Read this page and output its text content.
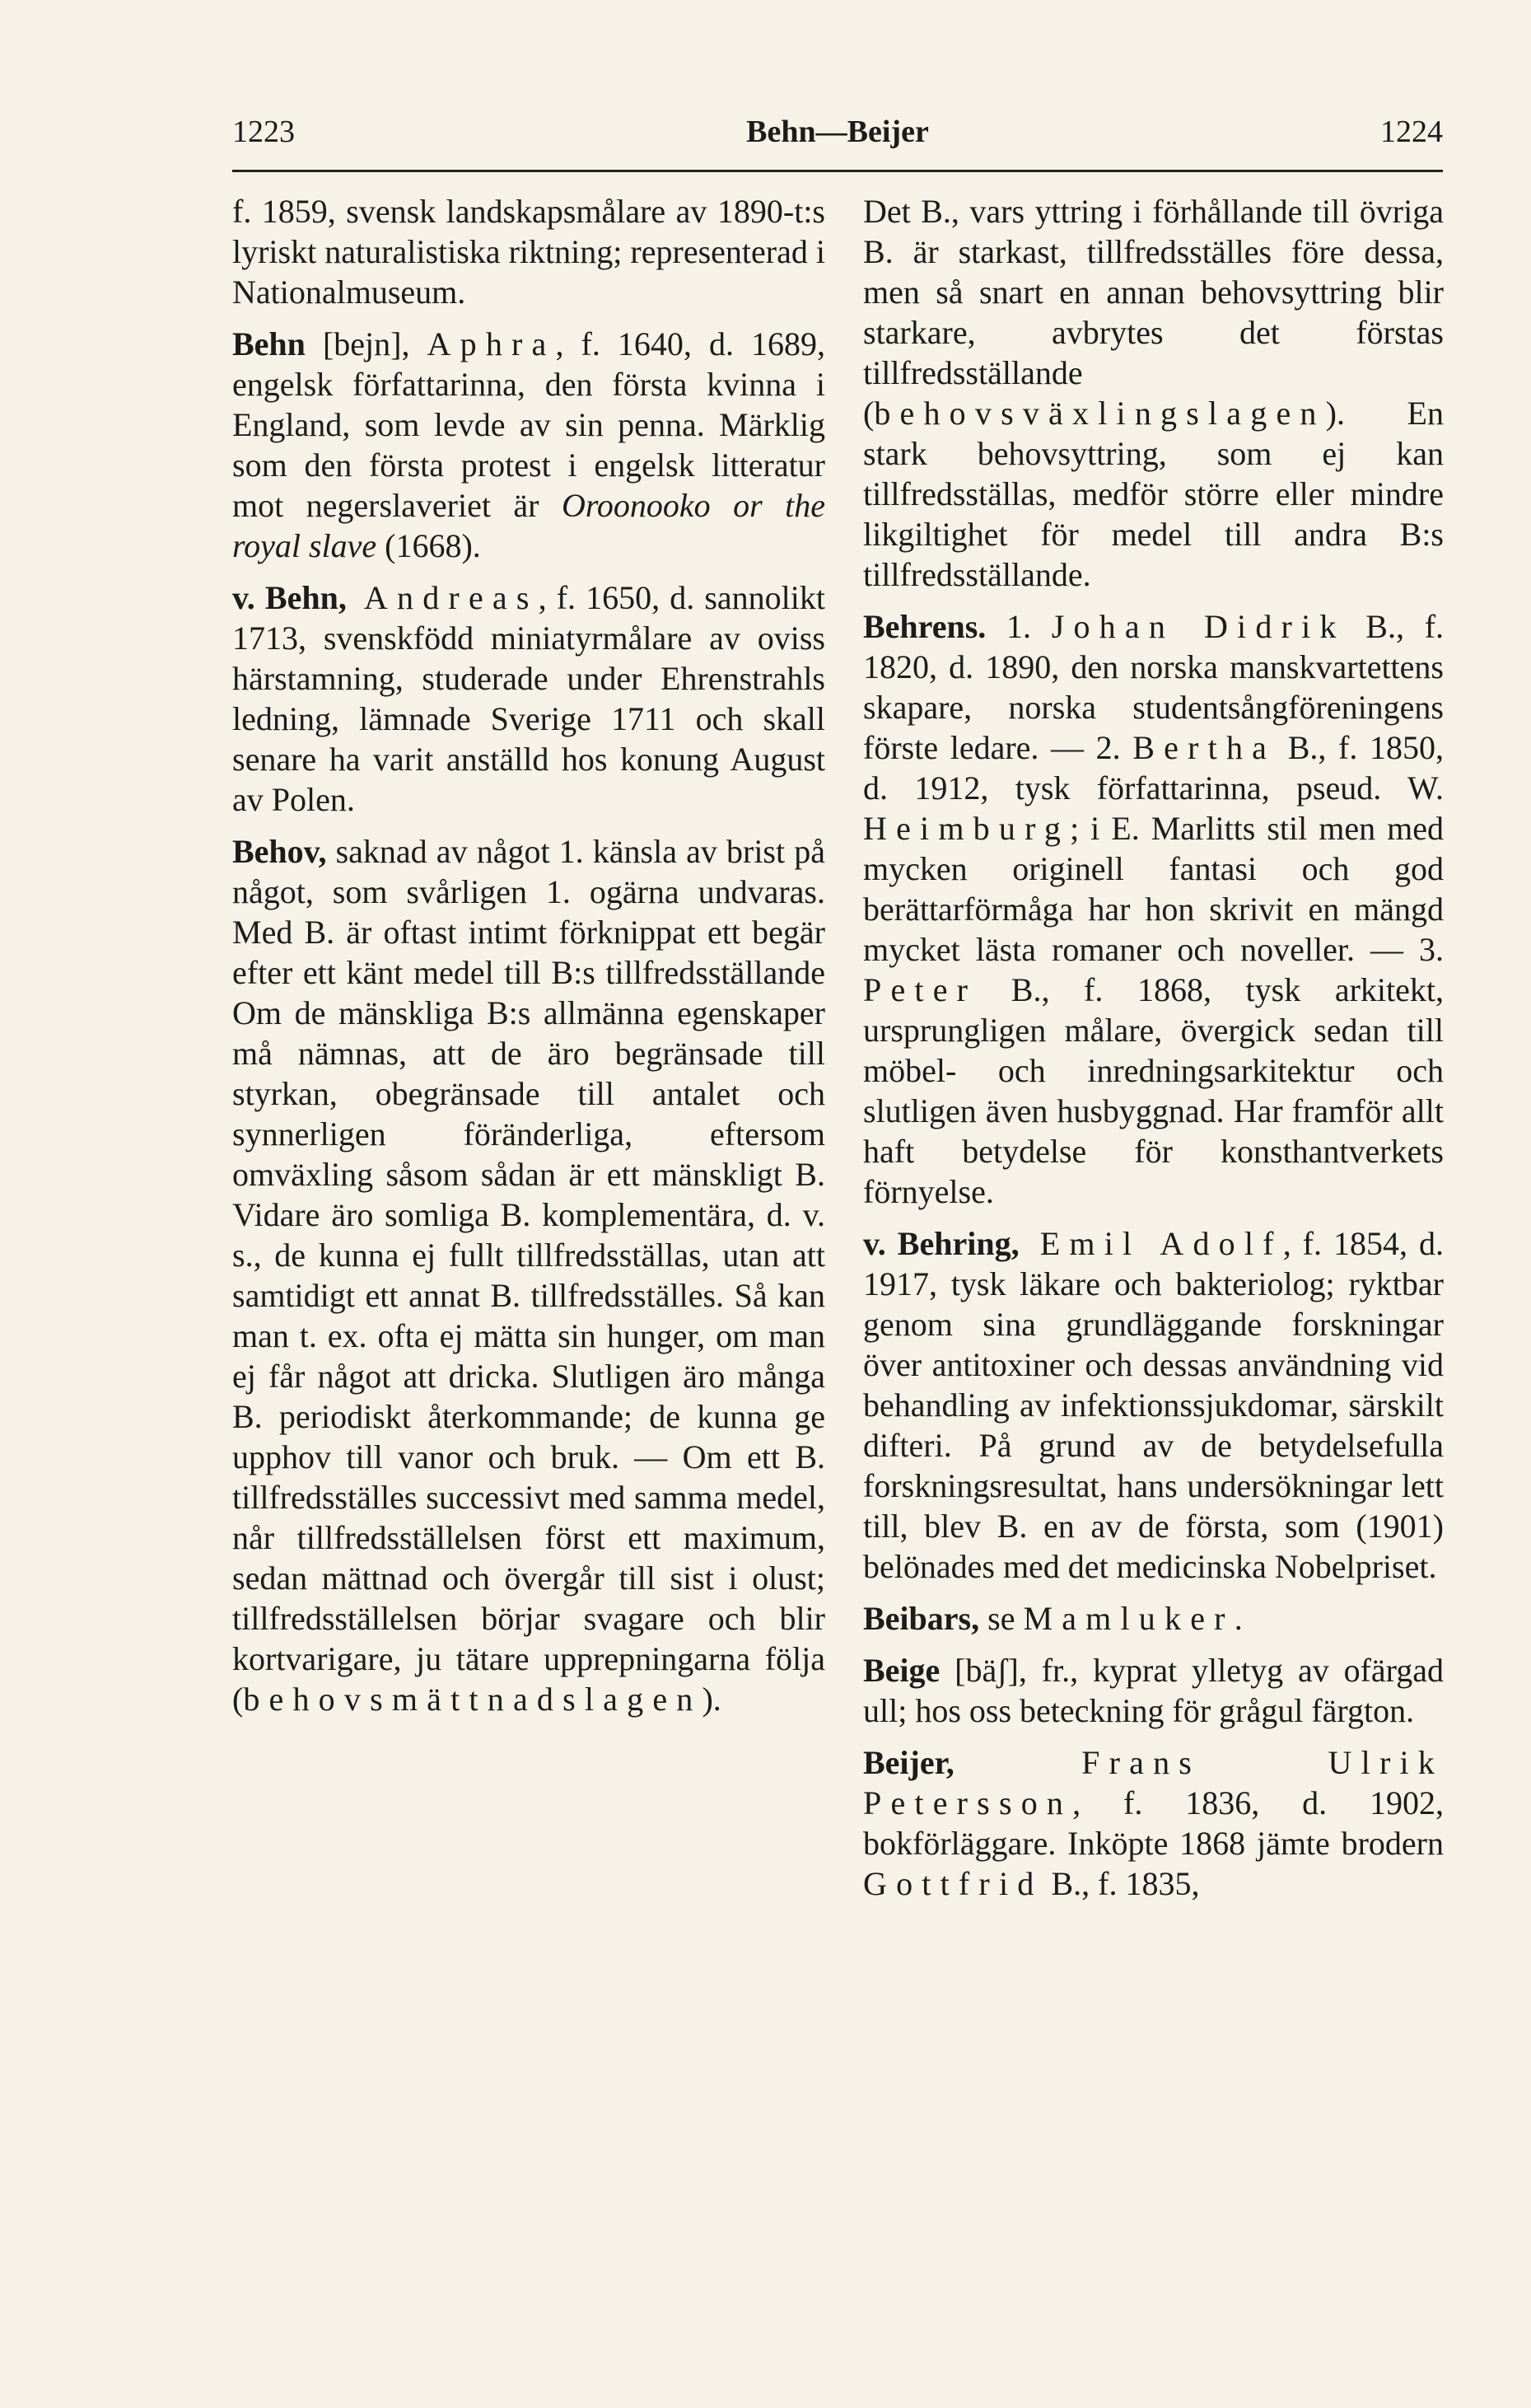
1223	Behn—Beijer	1224

f. 1859, svensk landskapsmålare av 1890-t:s lyriskt naturalistiska riktning; representerad i Nationalmuseum.

Behn [bejn], Aphra, f. 1640, d. 1689, engelsk författarinna, den första kvinna i England, som levde av sin penna. Märklig som den första protest i engelsk litteratur mot negerslaveriet är Oroonooko or the royal slave (1668).

v. Behn, Andreas, f. 1650, d. sannolikt 1713, svenskfödd miniatyrmålare av oviss härstamning, studerade under Ehrenstrahls ledning, lämnade Sverige 1711 och skall senare ha varit anställd hos konung August av Polen.

Behov, saknad av något 1. känsla av brist på något, som svårligen 1. ogärna undvaras. Med B. är oftast intimt förknippat ett begär efter ett känt medel till B:s tillfredsställande Om de mänskliga B:s allmänna egenskaper må nämnas, att de äro begränsade till styrkan, obegränsade till antalet och synnerligen föränderliga, eftersom omväxling såsom sådan är ett mänskligt B. Vidare äro somliga B. komplementära, d. v. s., de kunna ej fullt tillfredsställas, utan att samtidigt ett annat B. tillfredsställes. Så kan man t. ex. ofta ej mätta sin hunger, om man ej får något att dricka. Slutligen äro många B. periodiskt återkommande; de kunna ge upphov till vanor och bruk. — Om ett B. tillfredsställes successivt med samma medel, når tillfredsställelsen först ett maximum, sedan mättnad och övergår till sist i olust; tillfredsställelsen börjar svagare och blir kortvarigare, ju tätare upprepningarna följa (behovsmättnadslagen).

Det B., vars yttring i förhållande till övriga B. är starkast, tillfredsställes före dessa, men så snart en annan behovsyttring blir starkare, avbrytes det förstas tillfredsställande (behovsväxlingslagen). En stark behovsyttring, som ej kan tillfredsställas, medför större eller mindre likgiltighet för medel till andra B:s tillfredsställande.

Behrens. 1. Johan Didrik B., f. 1820, d. 1890, den norska manskvartettens skapare, norska studentsångföreningens förste ledare. — 2. Bertha B., f. 1850, d. 1912, tysk författarinna, pseud. W. Heimburg; i E. Marlitts stil men med mycken originell fantasi och god berättarförmåga har hon skrivit en mängd mycket lästa romaner och noveller. — 3. Peter B., f. 1868, tysk arkitekt, ursprungligen målare, övergick sedan till möbel- och inredningsarkitektur och slutligen även husbyggnad. Har framför allt haft betydelse för konsthantverkets förnyelse.

v. Behring, Emil Adolf, f. 1854, d. 1917, tysk läkare och bakteriolog; ryktbar genom sina grundläggande forskningar över antitoxiner och dessas användning vid behandling av infektionssjukdomar, särskilt difteri. På grund av de betydelsefulla forskningsresultat, hans undersökningar lett till, blev B. en av de första, som (1901) belönades med det medicinska Nobelpriset.

Beibars, se Mamluker.

Beige [bäʃ], fr., kyprat ylletyg av ofärgad ull; hos oss beteckning för grågul färgton.

Beijer, Frans Ulrik Petersson, f. 1836, d. 1902, bokförläggare. Inköpte 1868 jämte brodern Gottfrid B., f. 1835,
